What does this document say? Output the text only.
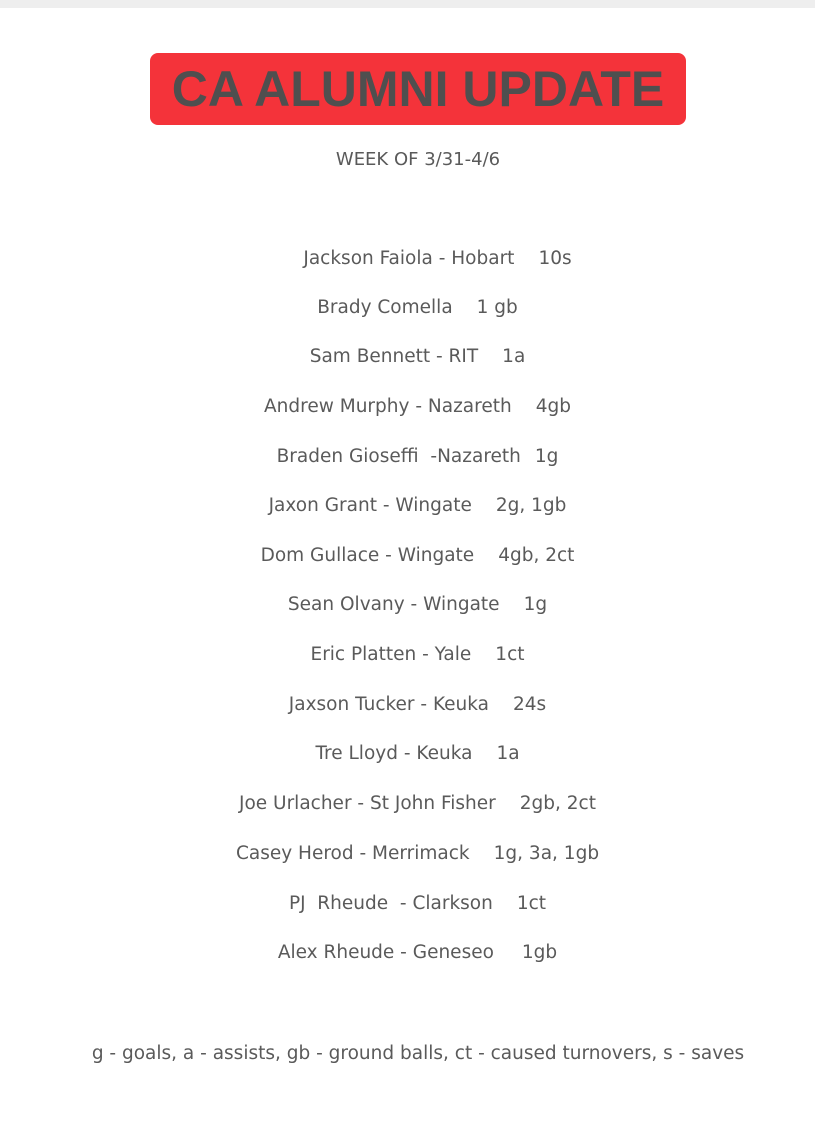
CA ALUMNI UPDATE
WEEK OF 3/31-4/6
Jackson Faiola - Hobart 10s
Brady Comella 1 gb
Sam Bennett - RIT 1a
Andrew Murphy - Nazareth 4gb
Braden Gioseffi  -Nazareth 1g
Jaxon Grant - Wingate 2g, 1gb
Dom Gullace - Wingate 4gb, 2ct
Sean Olvany - Wingate 1g
Eric Platten - Yale 1ct
Jaxson Tucker - Keuka 24s
Tre Lloyd - Keuka 1a
Joe Urlacher - St John Fisher 2gb, 2ct
Casey Herod - Merrimack 1g, 3a, 1gb
PJ  Rheude  - Clarkson 1ct
Alex Rheude - Geneseo 1gb
g - goals, a - assists, gb - ground balls, ct - caused turnovers, s - saves
